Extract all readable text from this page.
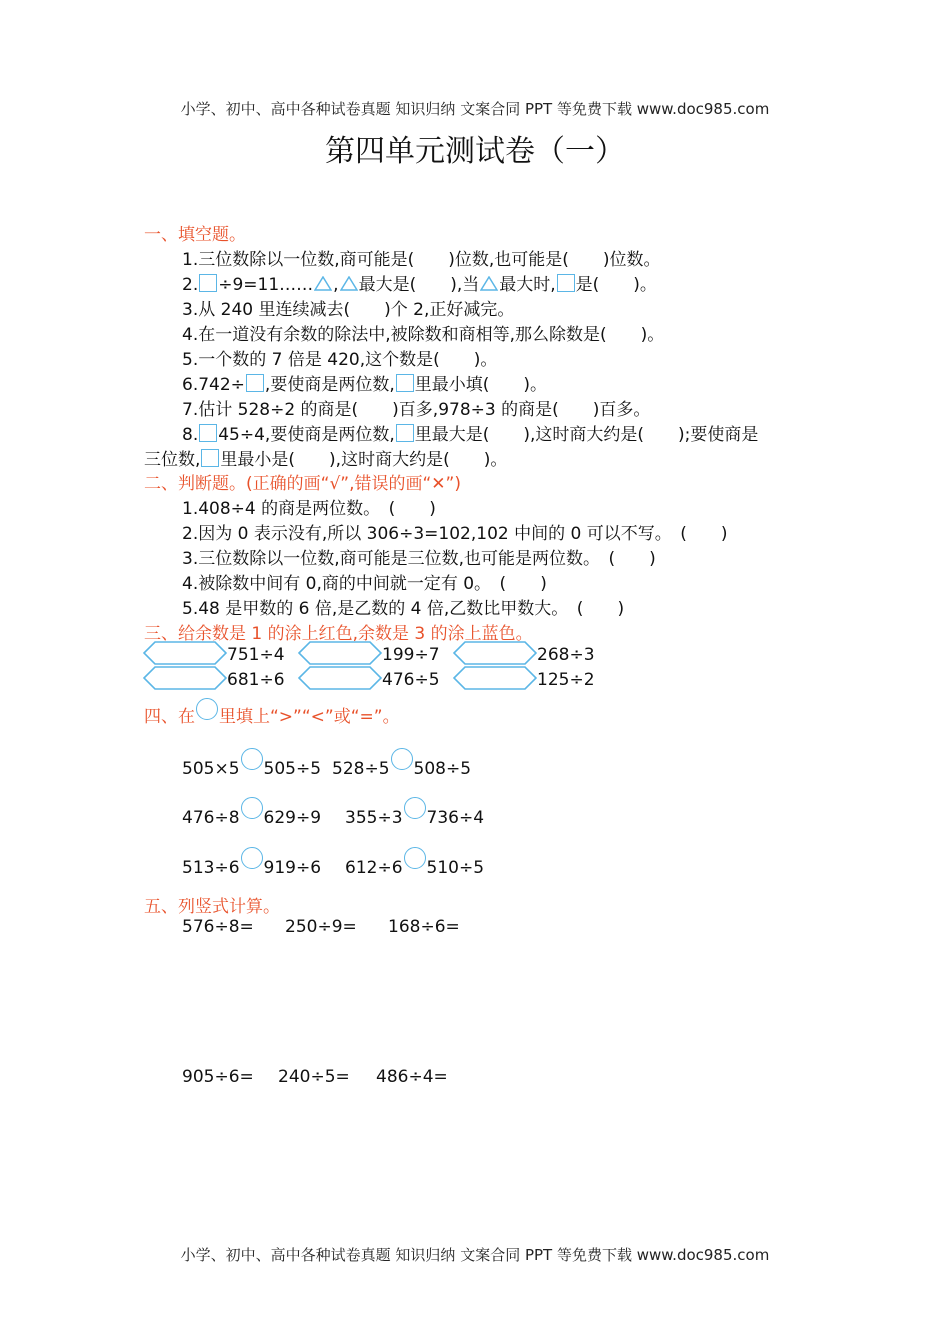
小学、初中、高中各种试卷真题 知识归纳 文案合同 PPT 等免费下载 www.doc985.com
第四单元测试卷（一）
一、填空题。
1.三位数除以一位数,商可能是(　　)位数,也可能是(　　)位数。
2. ÷9=11…… , 最大是(　　),当 最大时, 是(　　)。
3.从 240 里连续减去(　　)个 2,正好减完。
4.在一道没有余数的除法中,被除数和商相等,那么除数是(　　)。
5.一个数的 7 倍是 420,这个数是(　　)。
6.742÷ ,要使商是两位数, 里最小填(　　)。
7.估计 528÷2 的商是(　　)百多,978÷3 的商是(　　)百多。
8. 45÷4,要使商是两位数, 里最大是(　　),这时商大约是(　　);要使商是
三位数, 里最小是(　　),这时商大约是(　　)。
二、判断题。(正确的画“√”,错误的画“✕”)
1.408÷4 的商是两位数。　(　　)
2.因为 0 表示没有,所以 306÷3=102,102 中间的 0 可以不写。　(　　)
3.三位数除以一位数,商可能是三位数,也可能是两位数。　(　　)
4.被除数中间有 0,商的中间就一定有 0。　(　　)
5.48 是甲数的 6 倍,是乙数的 4 倍,乙数比甲数大。　(　　)
三、给余数是 1 的涂上红色,余数是 3 的涂上蓝色。
751÷4	199÷7	268÷3
681÷6	476÷5	125÷2
四、在 里填上“>”“<”或“=”。
505×5 505÷5 528÷5 508÷5
476÷8 629÷9 355÷3 736÷4
513÷6 919÷6 612÷6 510÷5
五、列竖式计算。
576÷8= 250÷9= 168÷6=
905÷6= 240÷5= 486÷4=
小学、初中、高中各种试卷真题 知识归纳 文案合同 PPT 等免费下载 www.doc985.com
